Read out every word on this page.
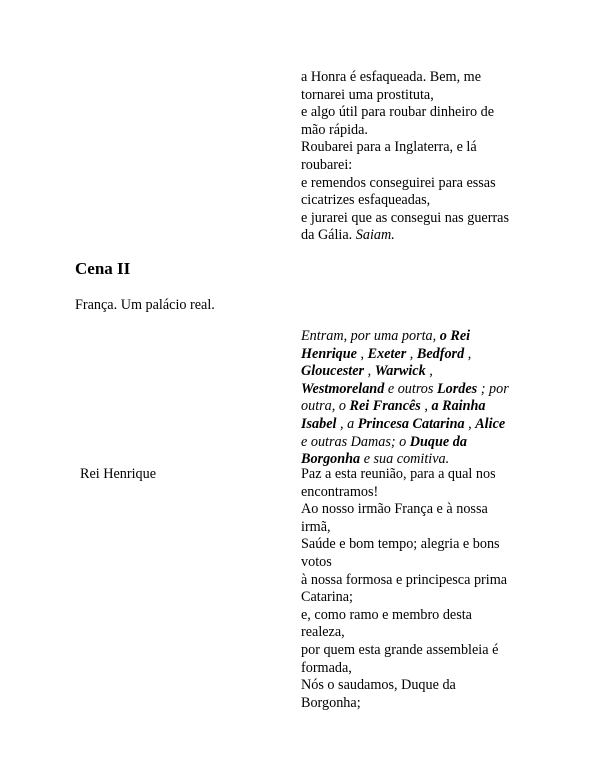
a Honra é esfaqueada. Bem, me
tornarei uma prostituta,
e algo útil para roubar dinheiro de
mão rápida.
Roubarei para a Inglaterra, e lá
roubarei:
e remendos conseguirei para essas
cicatrizes esfaqueadas,
e jurarei que as consegui nas guerras
da Gália. Saiam.
Cena II
França. Um palácio real.
Entram, por uma porta, o Rei
Henrique , Exeter , Bedford ,
Gloucester , Warwick ,
Westmoreland e outros Lordes ; por
outra, o Rei Francês , a Rainha
Isabel , a Princesa Catarina , Alice
e outras Damas; o Duque da
Borgonha e sua comitiva.
Rei Henrique	Paz a esta reunião, para a qual nos
encontramos!
Ao nosso irmão França e à nossa
irmã,
Saúde e bom tempo; alegria e bons
votos
à nossa formosa e principesca prima
Catarina;
e, como ramo e membro desta
realeza,
por quem esta grande assembleia é
formada,
Nós o saudamos, Duque da
Borgonha;
